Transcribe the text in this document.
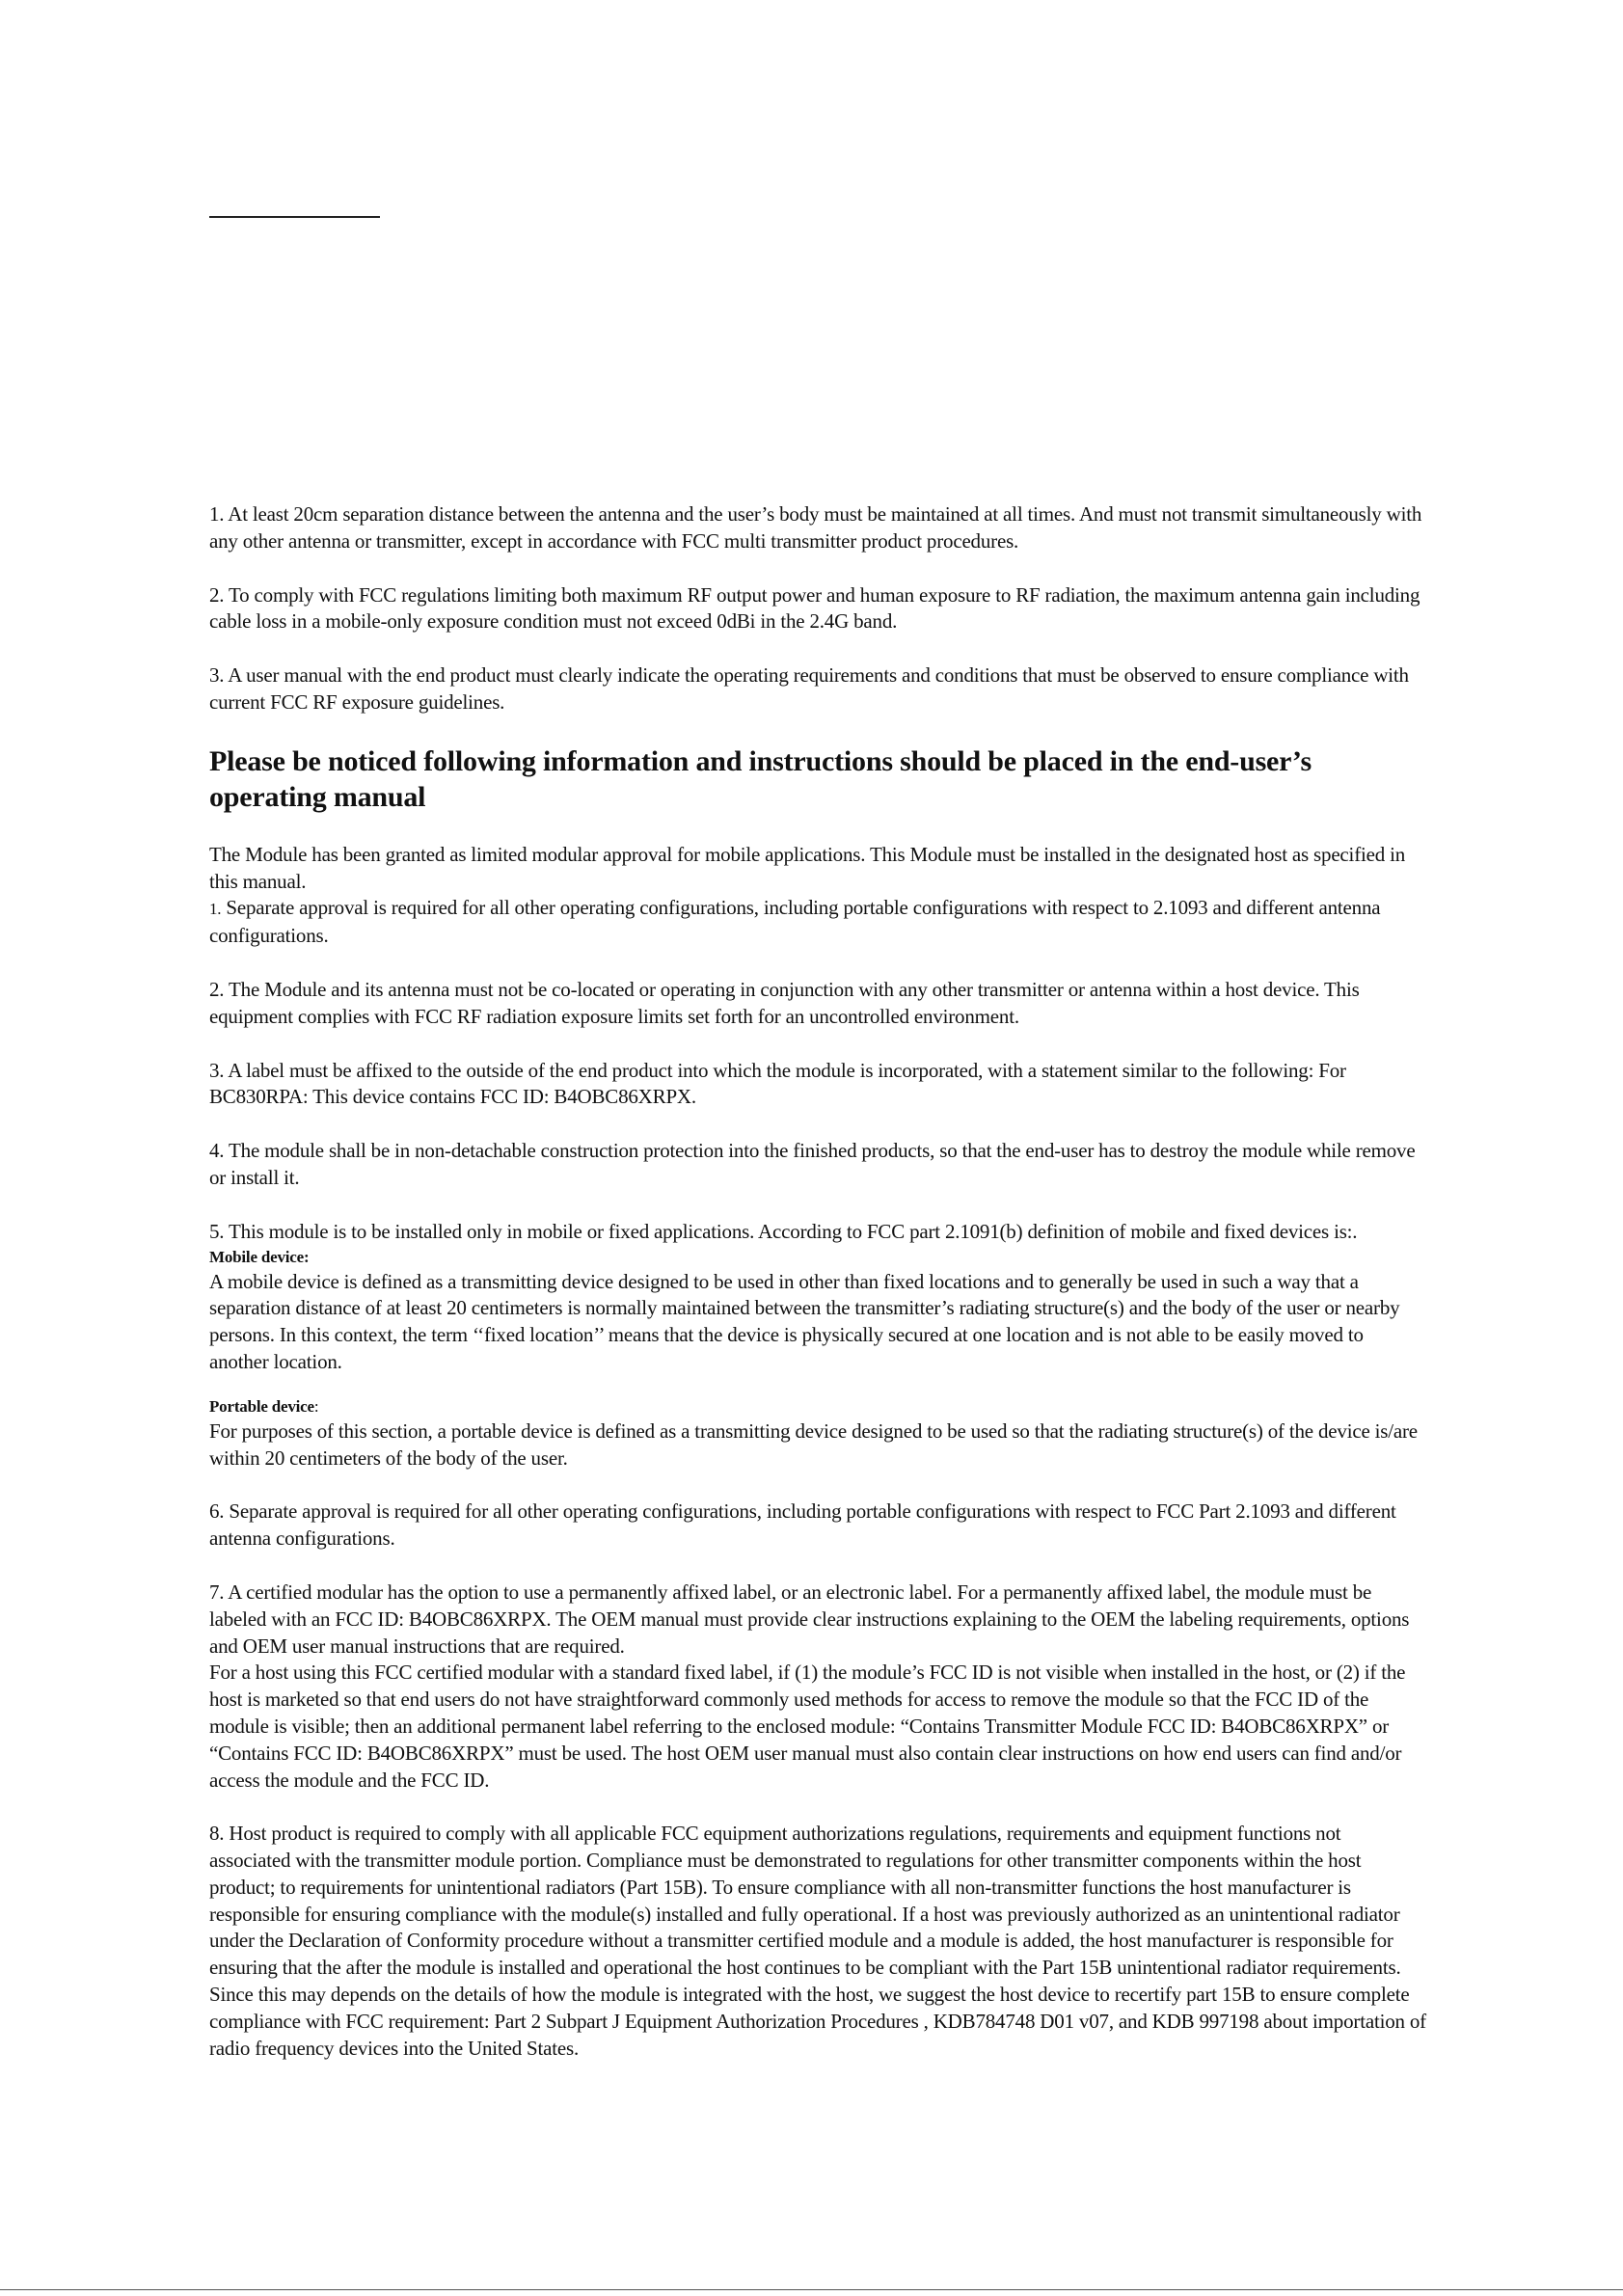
1. At least 20cm separation distance between the antenna and the user’s body must be maintained at all times. And must not transmit simultaneously with any other antenna or transmitter, except in accordance with FCC multi transmitter product procedures.

2. To comply with FCC regulations limiting both maximum RF output power and human exposure to RF radiation, the maximum antenna gain including cable loss in a mobile-only exposure condition must not exceed 0dBi in the 2.4G band.

3. A user manual with the end product must clearly indicate the operating requirements and conditions that must be observed to ensure compliance with current FCC RF exposure guidelines.

Please be noticed following information and instructions should be placed in the end-user’s operating manual

The Module has been granted as limited modular approval for mobile applications. This Module must be installed in the designated host as specified in this manual.

1. Separate approval is required for all other operating configurations, including portable configurations with respect to 2.1093 and different antenna configurations.

2. The Module and its antenna must not be co-located or operating in conjunction with any other transmitter or antenna within a host device. This equipment complies with FCC RF radiation exposure limits set forth for an uncontrolled environment.

3. A label must be affixed to the outside of the end product into which the module is incorporated, with a statement similar to the following: For BC830RPA: This device contains FCC ID: B4OBC86XRPX.

4. The module shall be in non-detachable construction protection into the finished products, so that the end-user has to destroy the module while remove or install it.

5. This module is to be installed only in mobile or fixed applications. According to FCC part 2.1091(b) definition of mobile and fixed devices is:.

Mobile device:

A mobile device is defined as a transmitting device designed to be used in other than fixed locations and to generally be used in such a way that a separation distance of at least 20 centimeters is normally maintained between the transmitter’s radiating structure(s) and the body of the user or nearby persons. In this context, the term ‘‘fixed location’’ means that the device is physically secured at one location and is not able to be easily moved to another location.

Portable device:

For purposes of this section, a portable device is defined as a transmitting device designed to be used so that the radiating structure(s) of the device is/are within 20 centimeters of the body of the user.

6. Separate approval is required for all other operating configurations, including portable configurations with respect to FCC Part 2.1093 and different antenna configurations.

7. A certified modular has the option to use a permanently affixed label, or an electronic label. For a permanently affixed label, the module must be labeled with an FCC ID: B4OBC86XRPX. The OEM manual must provide clear instructions explaining to the OEM the labeling requirements, options and OEM user manual instructions that are required.

For a host using this FCC certified modular with a standard fixed label, if (1) the module’s FCC ID is not visible when installed in the host, or (2) if the host is marketed so that end users do not have straightforward commonly used methods for access to remove the module so that the FCC ID of the module is visible; then an additional permanent label referring to the enclosed module: “Contains Transmitter Module FCC ID: B4OBC86XRPX” or “Contains FCC ID: B4OBC86XRPX” must be used. The host OEM user manual must also contain clear instructions on how end users can find and/or access the module and the FCC ID.

8. Host product is required to comply with all applicable FCC equipment authorizations regulations, requirements and equipment functions not associated with the transmitter module portion. Compliance must be demonstrated to regulations for other transmitter components within the host product; to requirements for unintentional radiators (Part 15B). To ensure compliance with all non-transmitter functions the host manufacturer is responsible for ensuring compliance with the module(s) installed and fully operational. If a host was previously authorized as an unintentional radiator under the Declaration of Conformity procedure without a transmitter certified module and a module is added, the host manufacturer is responsible for ensuring that the after the module is installed and operational the host continues to be compliant with the Part 15B unintentional radiator requirements. Since this may depends on the details of how the module is integrated with the host, we suggest the host device to recertify part 15B to ensure complete compliance with FCC requirement: Part 2 Subpart J Equipment Authorization Procedures , KDB784748 D01 v07, and KDB 997198 about importation of radio frequency devices into the United States.
